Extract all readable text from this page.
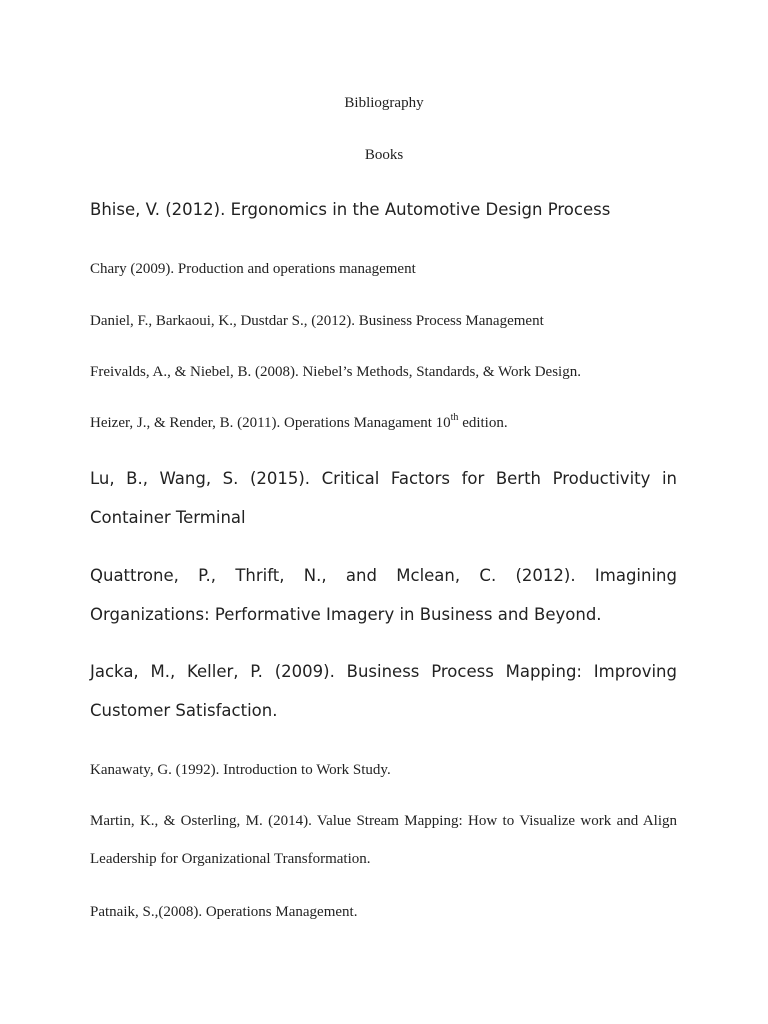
Bibliography
Books

Bhise, V. (2012). Ergonomics in the Automotive Design Process

Chary (2009). Production and operations management

Daniel, F., Barkaoui, K., Dustdar S., (2012). Business Process Management

Freivalds, A., & Niebel, B. (2008). Niebel’s Methods, Standards, & Work Design.

Heizer, J., & Render, B. (2011). Operations Managament 10th edition.

Lu, B., Wang, S. (2015). Critical Factors for Berth Productivity in Container Terminal

Quattrone, P., Thrift, N., and Mclean, C. (2012). Imagining Organizations: Performative Imagery in Business and Beyond.

Jacka, M., Keller, P. (2009). Business Process Mapping: Improving Customer Satisfaction.

Kanawaty, G. (1992). Introduction to Work Study.

Martin, K., & Osterling, M. (2014). Value Stream Mapping: How to Visualize work and Align Leadership for Organizational Transformation.

Patnaik, S.,(2008). Operations Management.
